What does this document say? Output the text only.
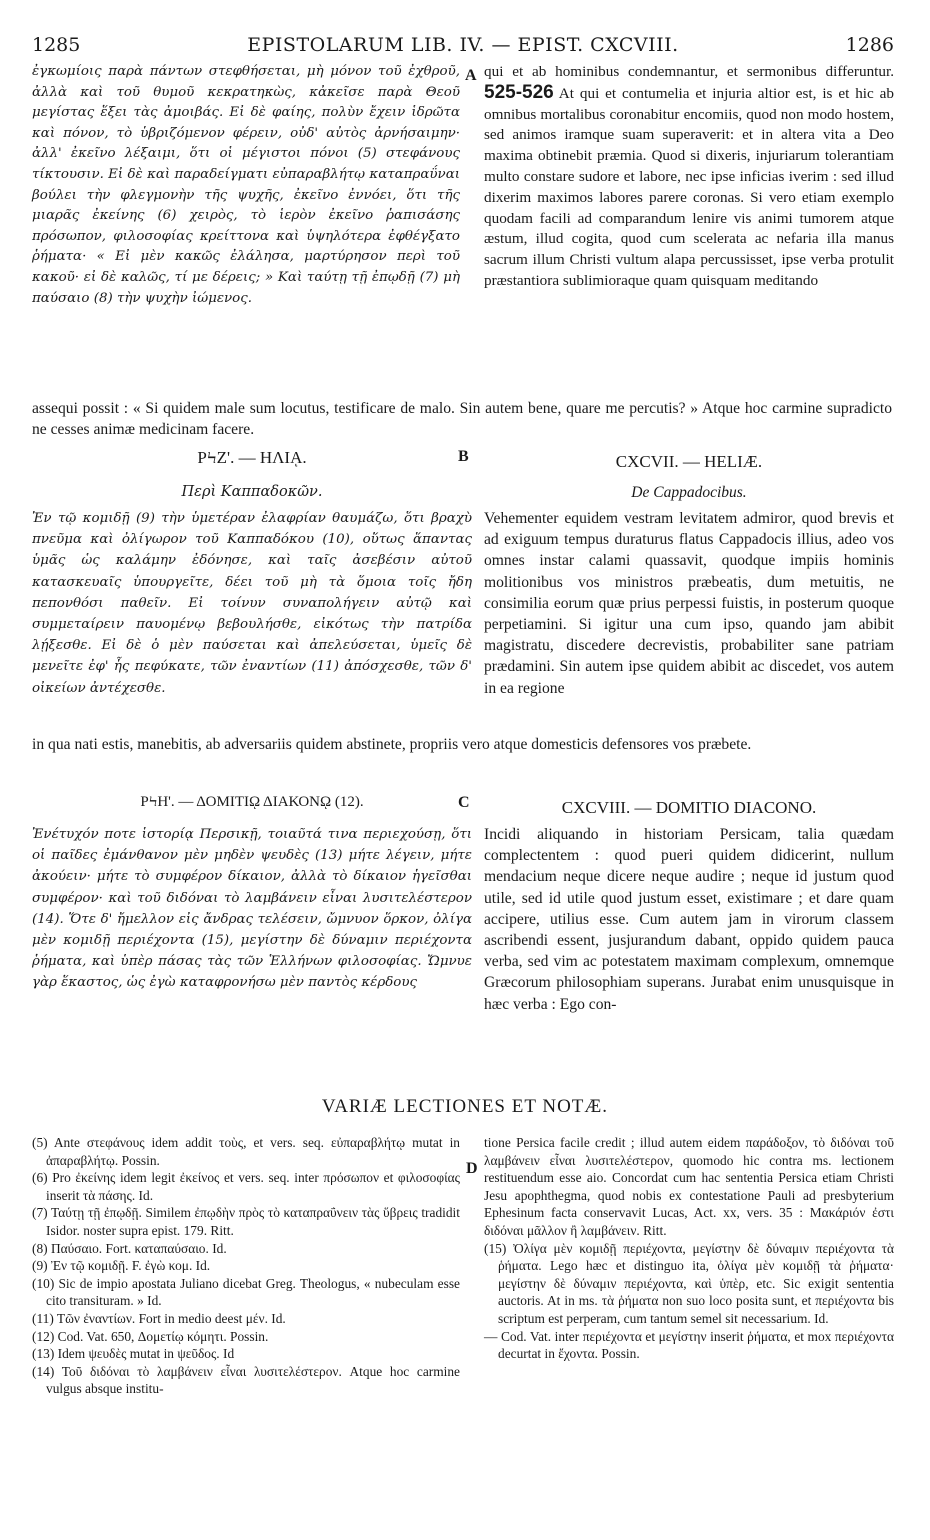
1285	EPISTOLARUM LIB. IV. — EPIST. CXCVIII.	1286
ἐγκωμίοις παρὰ πάντων στεφθήσεται, μὴ μόνον τοῦ ἐχθροῦ, ἀλλὰ καὶ τοῦ θυμοῦ κεκρατηκὼς, κἀκεῖσε παρὰ Θεοῦ μεγίστας ἕξει τὰς ἀμοιβάς. Εἰ δὲ φαίης, πολὺν ἔχειν ἱδρῶτα καὶ πόνον, τὸ ὑβριζόμενον φέρειν, οὐδ' αὐτὸς ἀρνήσαιμην· ἀλλ' ἐκεῖνο λέξαιμι, ὅτι οἱ μέγιστοι πόνοι (5) στεφάνους τίκτουσιν. Εἰ δὲ καὶ παραδείγματι εὐπαραβλήτῳ καταπραΰναι βούλει τὴν φλεγμονὴν τῆς ψυχῆς, ἐκεῖνο ἐννόει, ὅτι τῆς μιαρᾶς ἐκείνης (6) χειρὸς, τὸ ἱερὸν ἐκεῖνο ῥαπισάσης πρόσωπον, φιλοσοφίας κρείττονα καὶ ὑψηλότερα ἐφθέγξατο ῥήματα· « Εἰ μὲν κακῶς ἐλάλησα, μαρτύρησον περὶ τοῦ κακοῦ· εἰ δὲ καλῶς, τί με δέρεις; » Καὶ ταύτῃ τῇ ἐπῳδῇ (7) μὴ παύσαιο (8) τὴν ψυχὴν ἰώμενος.
A qui et ab hominibus condemnantur, et sermonibus differuntur. 525-526 At qui et contumelia et injuria altior est, is et hic ab omnibus mortalibus coronabitur encomiis, quod non modo hostem, sed animos iramque suam superaverit: et in altera vita a Deo maxima obtinebit præmia. Quod si dixeris, injuriarum tolerantiam multo constare sudore et labore, nec ipse inficias iverim : sed illud dixerim maximos labores parere coronas. Si vero etiam exemplo quodam facili ad comparandum lenire vis animi tumorem atque æstum, illud cogita, quod cum scelerata ac nefaria illa manus sacrum illum Christi vultum alapa percussisset, ipse verba protulit præstantiora sublimioraque quam quisquam meditando
assequi possit : « Si quidem male sum locutus, testificare de malo. Sin autem bene, quare me percutis? » Atque hoc carmine supradicto ne cesses animæ medicinam facere.
ΡϞΖ'. — ΗΛΙᾼ.	B	CXCVII. — HELIÆ.
Περὶ Καππαδοκῶν.	De Cappadocibus.
Ἐν τῷ κομιδῇ (9) τὴν ὑμετέραν ἐλαφρίαν θαυμάζω, ὅτι βραχὺ πνεῦμα καὶ ὀλίγωρον τοῦ Καππαδόκου (10), οὕτως ἅπαντας ὑμᾶς ὡς καλάμην ἐδόνησε, καὶ ταῖς ἀσεβέσιν αὐτοῦ κατασκευαῖς ὑπουργεῖτε, δέει τοῦ μὴ τὰ ὅμοια τοῖς ἤδη πεπονθόσι παθεῖν. Εἰ τοίνυν συναπολήγειν αὐτῷ καὶ συμμεταίρειν παυομένῳ βεβουλήσθε, εἰκότως τὴν πατρίδα λῄξεσθε. Εἰ δὲ ὁ μὲν παύσεται καὶ ἀπελεύσεται, ὑμεῖς δὲ μενεῖτε ἐφ' ἧς πεφύκατε, τῶν ἐναντίων (11) ἀπόσχεσθε, τῶν δ' οἰκείων ἀντέχεσθε.
Vehementer equidem vestram levitatem admiror, quod brevis et ad exiguum tempus duraturus flatus Cappadocis illius, adeo vos omnes instar calami quassavit, quodque impiis hominis molitionibus vos ministros præbeatis, dum metuitis, ne consimilia eorum quæ prius perpessi fuistis, in posterum quoque perpetiamini. Si igitur una cum ipso, quando jam abibit magistratu, discedere decrevistis, probabiliter sane patriam prædamini. Sin autem ipse quidem abibit ac discedet, vos autem in ea regione
in qua nati estis, manebitis, ab adversariis quidem abstinete, propriis vero atque domesticis defensores vos præbete.
ΡϞΗ'. — ΔΟΜΙΤΙῼ ΔΙΑΚΟΝῼ (12).	C	CXCVIII. — DOMITIO DIACONO.
Ἐνέτυχόν ποτε ἱστορίᾳ Περσικῇ, τοιαῦτά τινα περιεχούσῃ, ὅτι οἱ παῖδες ἐμάνθανον μὲν μηδὲν ψευδὲς (13) μήτε λέγειν, μήτε ἀκούειν· μήτε τὸ συμφέρον δίκαιον, ἀλλὰ τὸ δίκαιον ἡγεῖσθαι συμφέρον· καὶ τοῦ διδόναι τὸ λαμβάνειν εἶναι λυσιτελέστερον (14). Ὅτε δ' ἤμελλον εἰς ἄνδρας τελέσειν, ὤμνυον ὅρκον, ὀλίγα μὲν κομιδῇ περιέχοντα (15), μεγίστην δὲ δύναμιν περιέχοντα ῥήματα, καὶ ὑπὲρ πάσας τὰς τῶν Ἑλλήνων φιλοσοφίας. Ὤμνυε γὰρ ἕκαστος, ὡς ἐγὼ καταφρονήσω μὲν παντὸς κέρδους
Incidi aliquando in historiam Persicam, talia quædam complectentem : quod pueri quidem didicerint, nullum mendacium neque dicere neque audire ; neque id justum quod utile, sed id utile quod justum esset, existimare ; et dare quam accipere, utilius esse. Cum autem jam in virorum classem ascribendi essent, jusjurandum dabant, oppido quidem pauca verba, sed vim ac potestatem maximam complexum, omnemque Græcorum philosophiam superans. Jurabat enim unusquisque in hæc verba : Ego con-
VARIÆ LECTIONES ET NOTÆ.

(5) Ante στεφάνους idem addit τοὺς, et vers. seq. εὐπαραβλήτῳ mutat in ἀπαραβλήτῳ. Possin.

(6) Pro ἐκείνης idem legit ἐκείνος et vers. seq. inter πρόσωπον et φιλοσοφίας inserit τὰ πάσης. Id.

(7) Ταύτῃ τῇ ἐπῳδῇ. Similem ἐπῳδὴν πρὸς τὸ καταπραΰνειν τὰς ὕβρεις tradidit Isidor. noster supra epist. 179. Ritt.

(8) Παύσαιο. Fort. καταπαύσαιο. Id.

(9) Ἐν τῷ κομιδῇ. F. ἐγὼ κομ. Id.

(10) Sic de impio apostata Juliano dicebat Greg. Theologus, « nubeculam esse cito transituram. » Id.

(11) Τῶν ἐναντίων. Fort in medio deest μέν. Id.

(12) Cod. Vat. 650, Δομετίῳ κόμητι. Possin.

(13) Idem ψευδὲς mutat in ψεῦδος. Id

(14) Τοῦ διδόναι τὸ λαμβάνειν εἶναι λυσιτελέστερον. Atque hoc carmine vulgus absque institu-

D

tione Persica facile credit ; illud autem eidem παράδοξον, τὸ διδόναι τοῦ λαμβάνειν εἶναι λυσιτελέστερον, quomodo hic contra ms. lectionem restituendum esse aio. Concordat cum hac sententia Persica etiam Christi Jesu apophthegma, quod nobis ex contestatione Pauli ad presbyterium Ephesinum facta conservavit Lucas, Act. xx, vers. 35 : Μακάριόν ἐστι διδόναι μᾶλλον ἢ λαμβάνειν. Ritt.

(15) Ὀλίγα μὲν κομιδῇ περιέχοντα, μεγίστην δὲ δύναμιν περιέχοντα τὰ ῥήματα. Lego hæc et distinguo ita, ὀλίγα μὲν κομιδῇ τὰ ῥήματα· μεγίστην δὲ δύναμιν περιέχοντα, καὶ ὑπὲρ, etc. Sic exigit sententia auctoris. At in ms. τὰ ῥήματα non suo loco posita sunt, et περιέχοντα bis scriptum est perperam, cum tantum semel sit necessarium. Id.

— Cod. Vat. inter περιέχοντα et μεγίστην inserit ῥήματα, et mox περιέχοντα decurtat in ἔχοντα. Possin.
